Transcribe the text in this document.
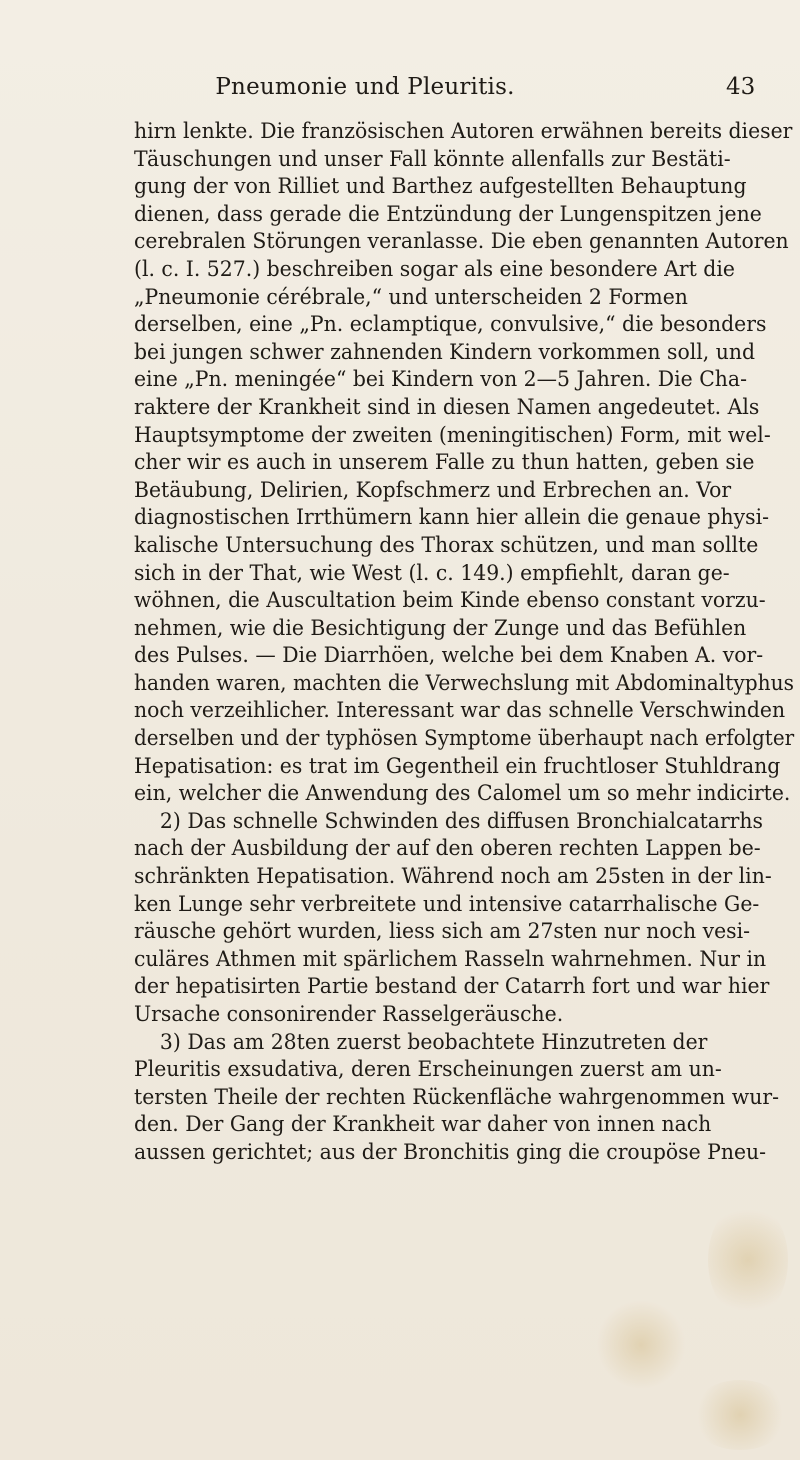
Pneumonie und Pleuritis.	43
hirn lenkte. Die französischen Autoren erwähnen bereits dieser
Täuschungen und unser Fall könnte allenfalls zur Bestäti-
gung der von Rilliet und Barthez aufgestellten Behauptung
dienen, dass gerade die Entzündung der Lungenspitzen jene
cerebralen Störungen veranlasse. Die eben genannten Autoren
(l. c. I. 527.) beschreiben sogar als eine besondere Art die
„Pneumonie cérébrale,“ und unterscheiden 2 Formen
derselben, eine „Pn. eclamptique, convulsive,“ die besonders
bei jungen schwer zahnenden Kindern vorkommen soll, und
eine „Pn. meningée“ bei Kindern von 2—5 Jahren. Die Cha-
raktere der Krankheit sind in diesen Namen angedeutet. Als
Hauptsymptome der zweiten (meningitischen) Form, mit wel-
cher wir es auch in unserem Falle zu thun hatten, geben sie
Betäubung, Delirien, Kopfschmerz und Erbrechen an. Vor
diagnostischen Irrthümern kann hier allein die genaue physi-
kalische Untersuchung des Thorax schützen, und man sollte
sich in der That, wie West (l. c. 149.) empfiehlt, daran ge-
wöhnen, die Auscultation beim Kinde ebenso constant vorzu-
nehmen, wie die Besichtigung der Zunge und das Befühlen
des Pulses. — Die Diarrhöen, welche bei dem Knaben A. vor-
handen waren, machten die Verwechslung mit Abdominaltyphus
noch verzeihlicher. Interessant war das schnelle Verschwinden
derselben und der typhösen Symptome überhaupt nach erfolgter
Hepatisation: es trat im Gegentheil ein fruchtloser Stuhldrang
ein, welcher die Anwendung des Calomel um so mehr indicirte.
2) Das schnelle Schwinden des diffusen Bronchialcatarrhs
nach der Ausbildung der auf den oberen rechten Lappen be-
schränkten Hepatisation. Während noch am 25sten in der lin-
ken Lunge sehr verbreitete und intensive catarrhalische Ge-
räusche gehört wurden, liess sich am 27sten nur noch vesi-
culäres Athmen mit spärlichem Rasseln wahrnehmen. Nur in
der hepatisirten Partie bestand der Catarrh fort und war hier
Ursache consonirender Rasselgeräusche.
3) Das am 28ten zuerst beobachtete Hinzutreten der
Pleuritis exsudativa, deren Erscheinungen zuerst am un-
tersten Theile der rechten Rückenfläche wahrgenommen wur-
den. Der Gang der Krankheit war daher von innen nach
aussen gerichtet; aus der Bronchitis ging die croupöse Pneu-
